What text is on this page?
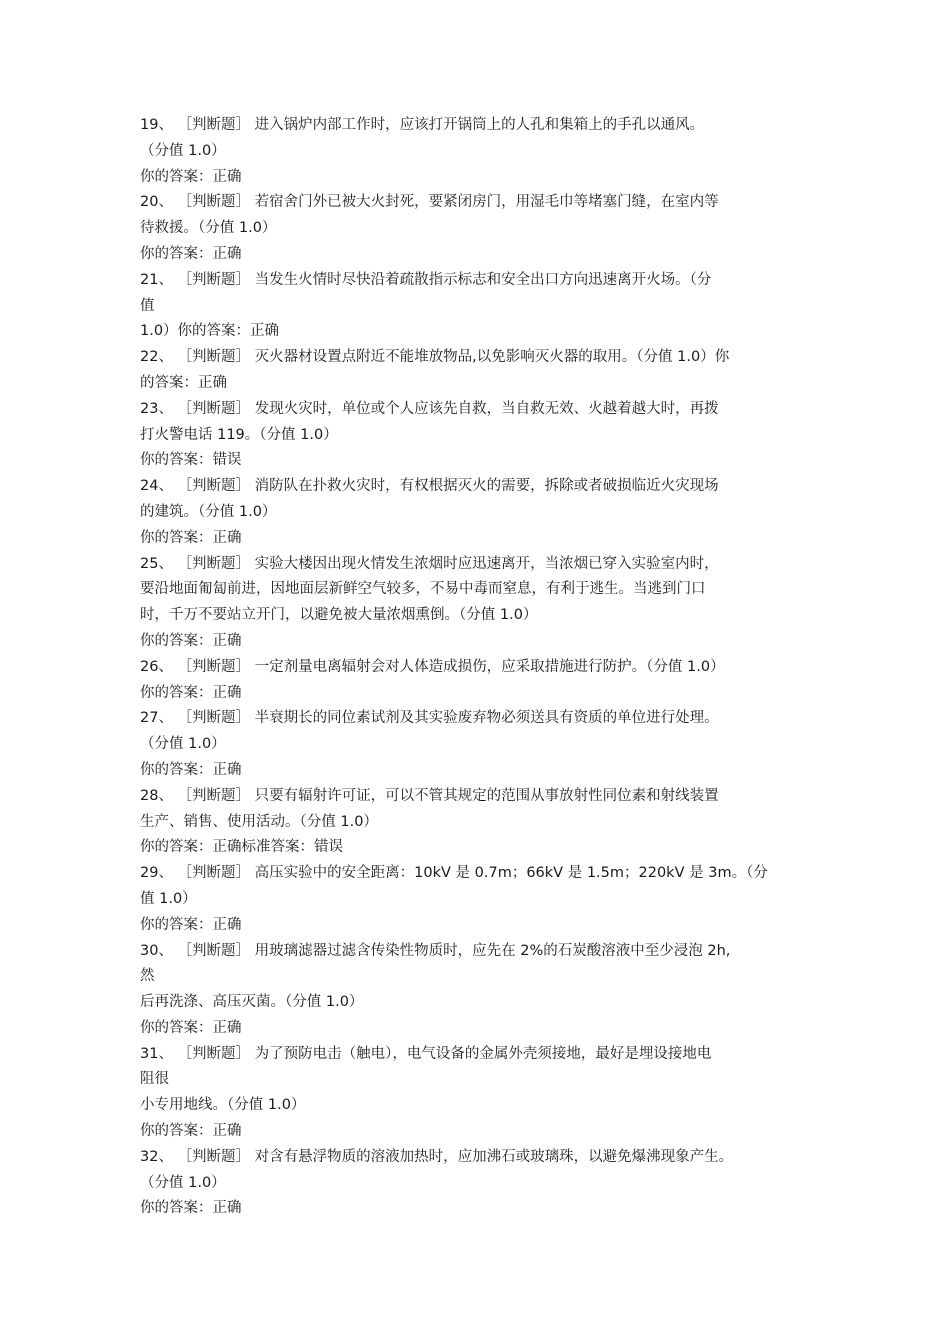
19、 ［判断题］ 进入锅炉内部工作时，应该打开锅筒上的人孔和集箱上的手孔以通风。
（分值 1.0）
你的答案：正确
20、 ［判断题］ 若宿舍门外已被大火封死，要紧闭房门，用湿毛巾等堵塞门缝，在室内等
待救援。（分值 1.0）
你的答案：正确
21、 ［判断题］ 当发生火情时尽快沿着疏散指示标志和安全出口方向迅速离开火场。（分
值
1.0）你的答案：正确
22、 ［判断题］ 灭火器材设置点附近不能堆放物品,以免影响灭火器的取用。（分值 1.0）你
的答案：正确
23、 ［判断题］ 发现火灾时，单位或个人应该先自救，当自救无效、火越着越大时，再拨
打火警电话 119。（分值 1.0）
你的答案：错误
24、 ［判断题］ 消防队在扑救火灾时，有权根据灭火的需要，拆除或者破损临近火灾现场
的建筑。（分值 1.0）
你的答案：正确
25、 ［判断题］ 实验大楼因出现火情发生浓烟时应迅速离开，当浓烟已穿入实验室内时，
要沿地面匍匐前进，因地面层新鲜空气较多，不易中毒而窒息，有利于逃生。当逃到门口
时，千万不要站立开门，以避免被大量浓烟熏倒。（分值 1.0）
你的答案：正确
26、 ［判断题］ 一定剂量电离辐射会对人体造成损伤，应采取措施进行防护。（分值 1.0）
你的答案：正确
27、 ［判断题］ 半衰期长的同位素试剂及其实验废弃物必须送具有资质的单位进行处理。
（分值 1.0）
你的答案：正确
28、 ［判断题］ 只要有辐射许可证，可以不管其规定的范围从事放射性同位素和射线装置
生产、销售、使用活动。（分值 1.0）
你的答案：正确标准答案：错误
29、 ［判断题］ 高压实验中的安全距离：10kV 是 0.7m；66kV 是 1.5m；220kV 是 3m。（分
值 1.0）
你的答案：正确
30、 ［判断题］ 用玻璃滤器过滤含传染性物质时，应先在 2%的石炭酸溶液中至少浸泡 2h,
然
后再洗涤、高压灭菌。（分值 1.0）
你的答案：正确
31、 ［判断题］ 为了预防电击（触电），电气设备的金属外壳须接地，最好是埋设接地电
阻很
小专用地线。（分值 1.0）
你的答案：正确
32、 ［判断题］ 对含有悬浮物质的溶液加热时，应加沸石或玻璃珠，以避免爆沸现象产生。
（分值 1.0）
你的答案：正确
